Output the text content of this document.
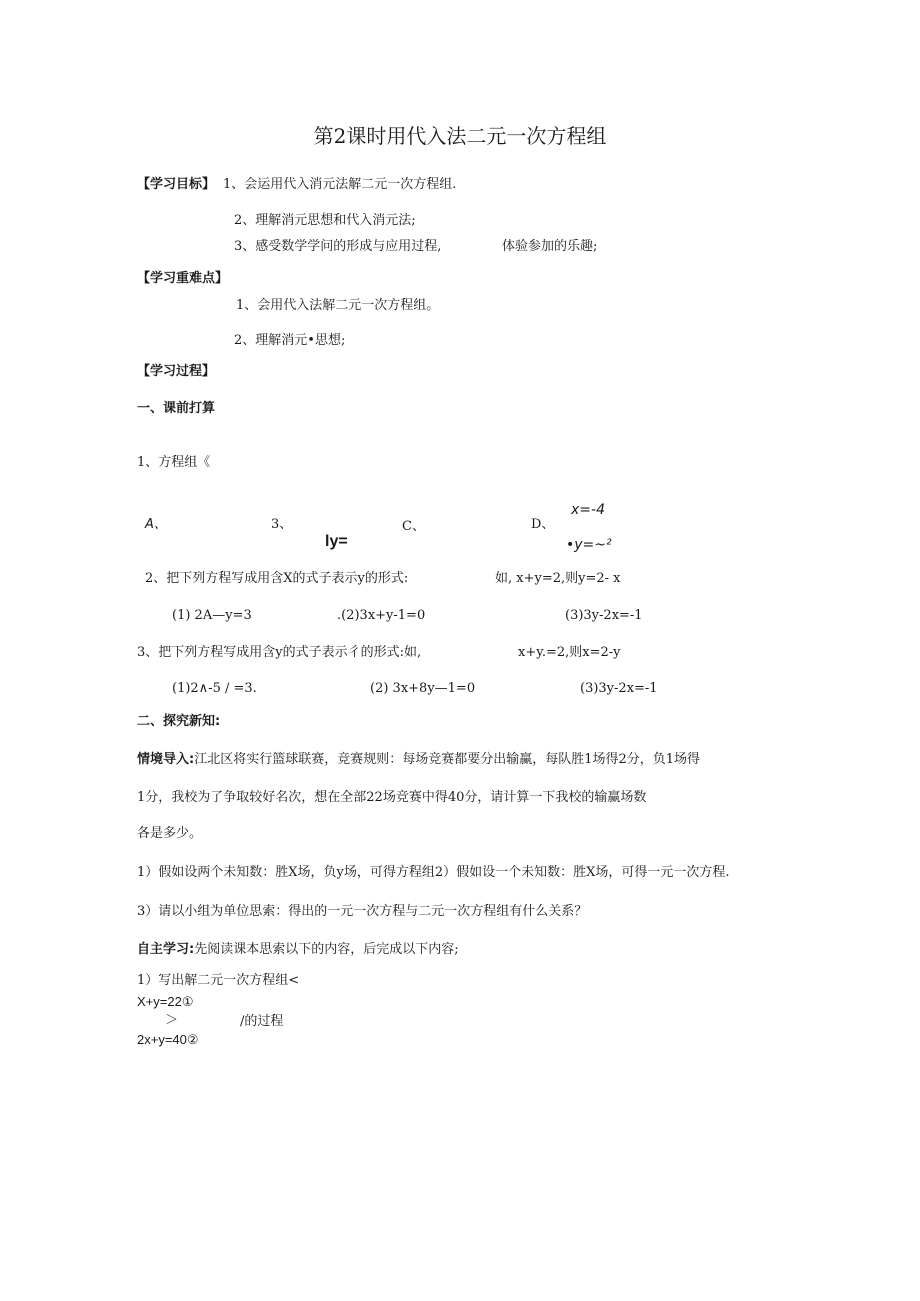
第2课时用代入法二元一次方程组
【学习目标】 1、会运用代入消元法解二元一次方程组.
2、理解消元思想和代入消元法;
3、感受数学学问的形成与应用过程,	体验参加的乐趣;
【学习重难点】
1、会用代入法解二元一次方程组。
2、理解消元•思想;
【学习过程】
一、课前打算
1、方程组《
A、	3、	C、	D、
ly=
x=-4
•y=~²
2、把下列方程写成用含X的式子表示y的形式:	如, x+y=2,则y=2- x
(1) 2A—y=3	.(2)3x+y-1=0	(3)3y-2x=-1
3、把下列方程写成用含y的式子表示彳的形式:如,	x+y.=2,则x=2-y
(1)2∧-5 / =3.	(2) 3x+8y—1=0	(3)3y-2x=-1
二、探究新知:
情境导入:江北区将实行篮球联赛，竞赛规则：每场竞赛都要分出输赢，每队胜1场得2分，负1场得
1分，我校为了争取较好名次，想在全部22场竞赛中得40分，请计算一下我校的输赢场数
各是多少。
1）假如设两个未知数：胜X场，负y场，可得方程组2）假如设一个未知数：胜X场，可得一元一次方程.
3）请以小组为单位思索：得出的一元一次方程与二元一次方程组有什么关系？
自主学习:先阅读课本思索以下的内容，后完成以下内容;
1）写出解二元一次方程组<
X+y=22①
＞	/的过程
2x+y=40②
